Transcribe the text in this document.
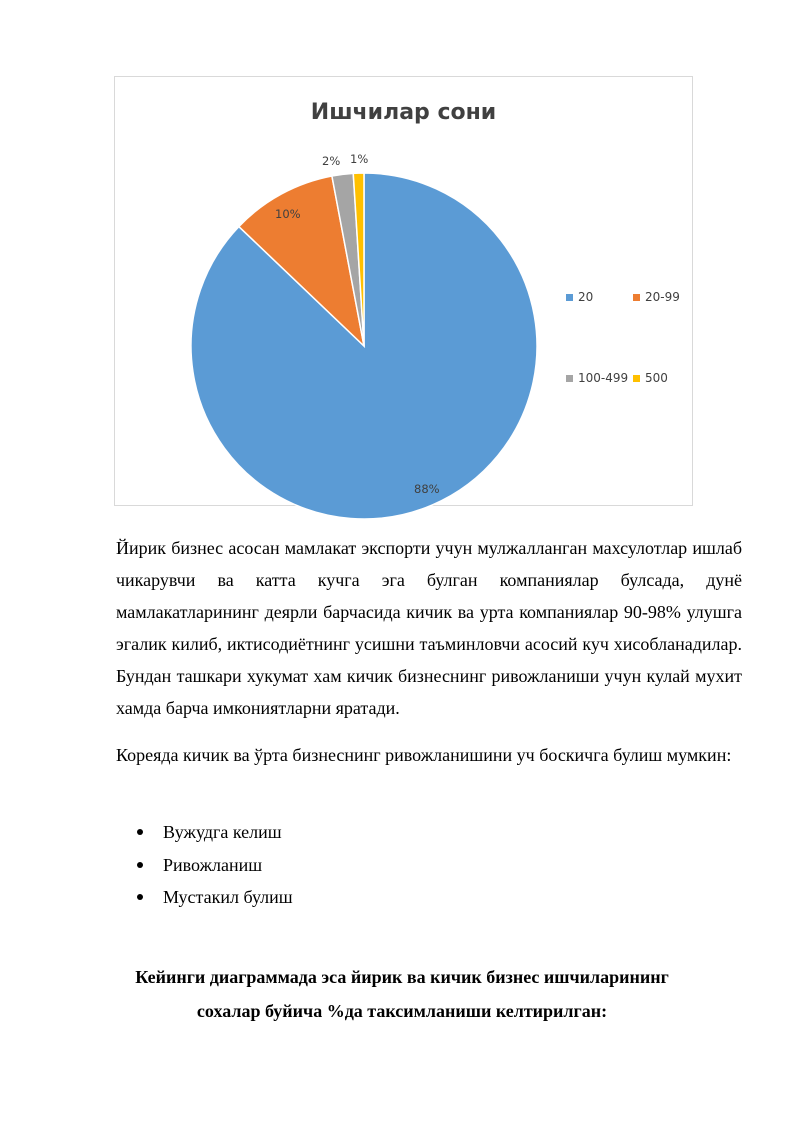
Ишчилар сони
88%
10%
2% 1%
20	20-99
100-499 500

Йирик бизнес асосан мамлакат экспорти учун мулжалланган махсулотлар ишлаб чикарувчи ва катта кучга эга булган компаниялар булсада, дунё мамлакатларининг деярли барчасида кичик ва урта компаниялар 90-98% улушга эгалик килиб, иктисодиётнинг усишни таъминловчи асосий куч хисобланадилар. Бундан ташкари хукумат хам кичик бизнеснинг ривожланиши учун кулай мухит хамда барча имкониятларни яратади.

Кореяда кичик ва ўрта бизнеснинг ривожланишини уч боскичга булиш мумкин:

Вужудга келиш
Ривожланиш
Мустакил булиш

Кейинги диаграммада эса йирик ва кичик бизнес ишчиларининг
сохалар буйича %да таксимланиши келтирилган:
